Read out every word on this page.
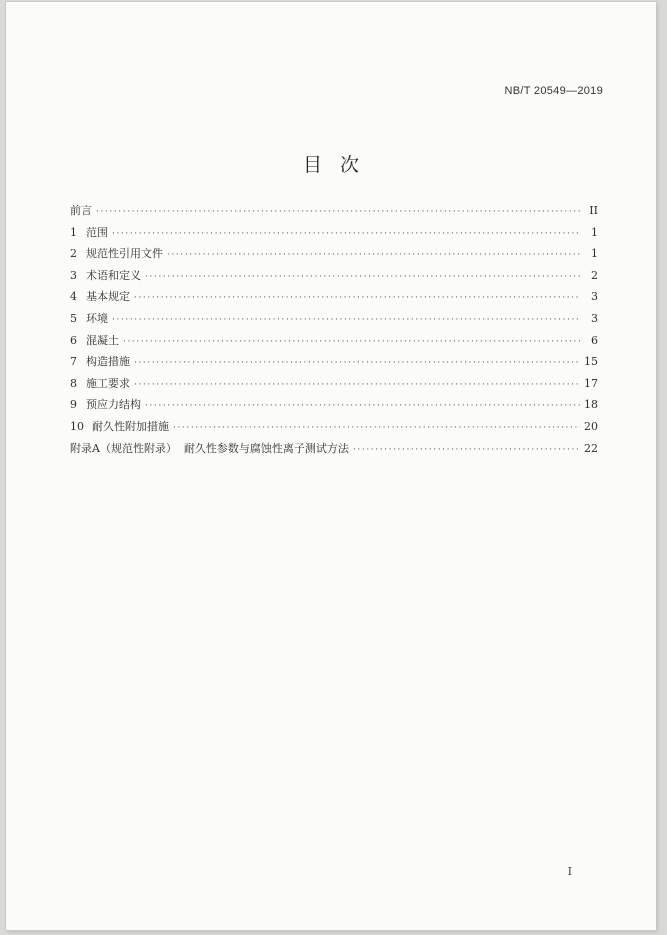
NB/T 20549—2019
目次
前言 ·····	II
1 范围 ·····	1
2 规范性引用文件 ·····	1
3 术语和定义 ·····	2
4 基本规定 ·····	3
5 环境 ·····	3
6 混凝土 ·····	6
7 构造措施 ·····	15
8 施工要求 ·····	17
9 预应力结构 ·····	18
10 耐久性附加措施 ·····	20
附录A（规范性附录）  耐久性参数与腐蚀性离子测试方法 ·····	22
I
